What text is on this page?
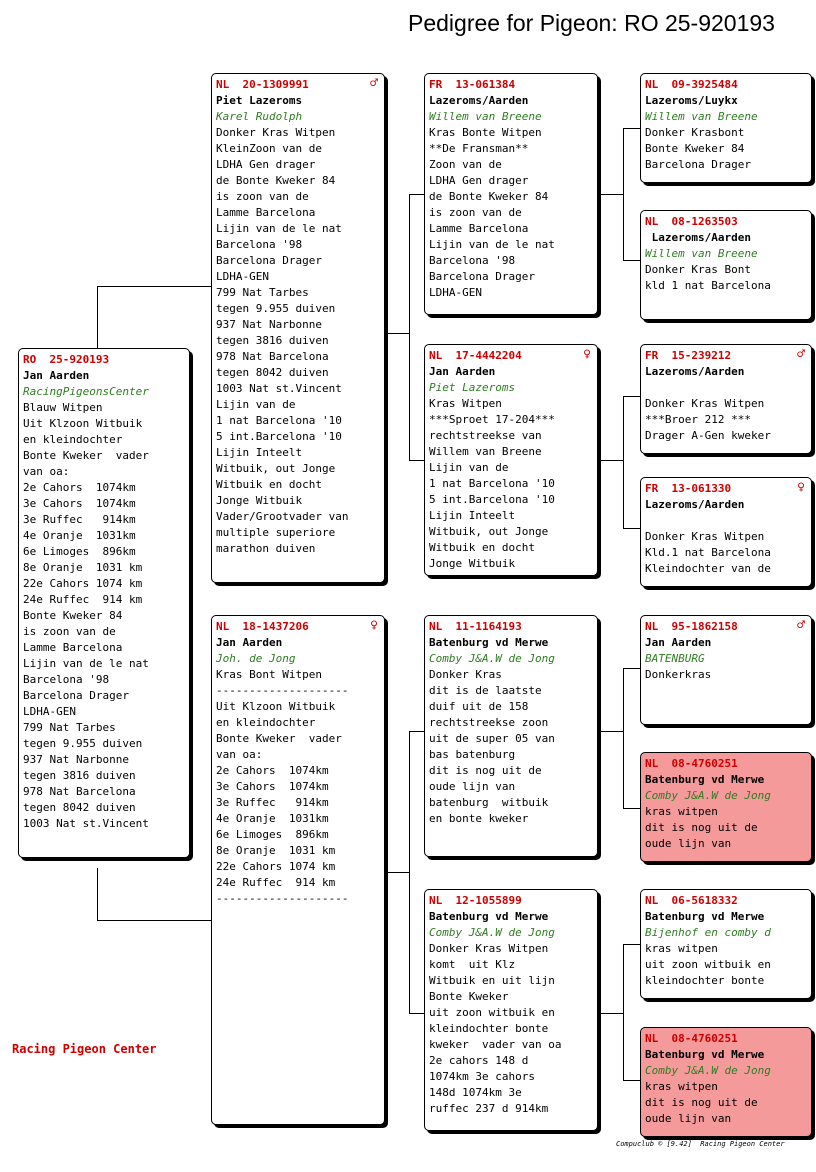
Pedigree for Pigeon: RO 25-920193
RO  25-920193
Jan Aarden
RacingPigeonsCenter
Blauw Witpen
Uit Klzoon Witbuik
en kleindochter
Bonte Kweker  vader
van oa:
2e Cahors  1074km
3e Cahors  1074km
3e Ruffec   914km
4e Oranje  1031km
6e Limoges  896km
8e Oranje  1031 km
22e Cahors 1074 km
24e Ruffec  914 km
Bonte Kweker 84
is zoon van de
Lamme Barcelona
Lijin van de le nat
Barcelona '98
Barcelona Drager
LDHA-GEN
799 Nat Tarbes
tegen 9.955 duiven
937 Nat Narbonne
tegen 3816 duiven
978 Nat Barcelona
tegen 8042 duiven
1003 Nat st.Vincent
NL  20-1309991	♂
Piet Lazeroms
Karel Rudolph
Donker Kras Witpen
KleinZoon van de
LDHA Gen drager
de Bonte Kweker 84
is zoon van de
Lamme Barcelona
Lijin van de le nat
Barcelona '98
Barcelona Drager
LDHA-GEN
799 Nat Tarbes
tegen 9.955 duiven
937 Nat Narbonne
tegen 3816 duiven
978 Nat Barcelona
tegen 8042 duiven
1003 Nat st.Vincent
Lijin van de
1 nat Barcelona '10
5 int.Barcelona '10
Lijin Inteelt
Witbuik, out Jonge
Witbuik en docht
Jonge Witbuik
Vader/Grootvader van
multiple superiore
marathon duiven
NL  18-1437206	♀
Jan Aarden
Joh. de Jong
Kras Bont Witpen
--------------------
Uit Klzoon Witbuik
en kleindochter
Bonte Kweker  vader
van oa:
2e Cahors  1074km
3e Cahors  1074km
3e Ruffec   914km
4e Oranje  1031km
6e Limoges  896km
8e Oranje  1031 km
22e Cahors 1074 km
24e Ruffec  914 km
--------------------
FR  13-061384
Lazeroms/Aarden
Willem van Breene
Kras Bonte Witpen
**De Fransman**
Zoon van de
LDHA Gen drager
de Bonte Kweker 84
is zoon van de
Lamme Barcelona
Lijin van de le nat
Barcelona '98
Barcelona Drager
LDHA-GEN
NL  17-4442204	♀
Jan Aarden
Piet Lazeroms
Kras Witpen
***Sproet 17-204***
rechtstreekse van
Willem van Breene
Lijin van de
1 nat Barcelona '10
5 int.Barcelona '10
Lijin Inteelt
Witbuik, out Jonge
Witbuik en docht
Jonge Witbuik
NL  11-1164193
Batenburg vd Merwe
Comby J&A.W de Jong
Donker Kras
dit is de laatste
duif uit de 158
rechtstreekse zoon
uit de super 05 van
bas batenburg
dit is nog uit de
oude lijn van
batenburg  witbuik
en bonte kweker
NL  12-1055899
Batenburg vd Merwe
Comby J&A.W de Jong
Donker Kras Witpen
komt  uit Klz
Witbuik en uit lijn
Bonte Kweker
uit zoon witbuik en
kleindochter bonte
kweker  vader van oa
2e cahors 148 d
1074km 3e cahors
148d 1074km 3e
ruffec 237 d 914km
NL  09-3925484
Lazeroms/Luykx
Willem van Breene
Donker Krasbont
Bonte Kweker 84
Barcelona Drager
NL  08-1263503
Lazeroms/Aarden
Willem van Breene
Donker Kras Bont
kld 1 nat Barcelona
FR  15-239212	♂
Lazeroms/Aarden

Donker Kras Witpen
***Broer 212 ***
Drager A-Gen kweker
FR  13-061330	♀
Lazeroms/Aarden

Donker Kras Witpen
Kld.1 nat Barcelona
Kleindochter van de
NL  95-1862158	♂
Jan Aarden
BATENBURG
Donkerkras
NL  08-4760251
Batenburg vd Merwe
Comby J&A.W de Jong
kras witpen
dit is nog uit de
oude lijn van
NL  06-5618332
Batenburg vd Merwe
Bijenhof en comby d
kras witpen
uit zoon witbuik en
kleindochter bonte
NL  08-4760251
Batenburg vd Merwe
Comby J&A.W de Jong
kras witpen
dit is nog uit de
oude lijn van
Racing Pigeon Center
Compuclub © [9.42]  Racing Pigeon Center
